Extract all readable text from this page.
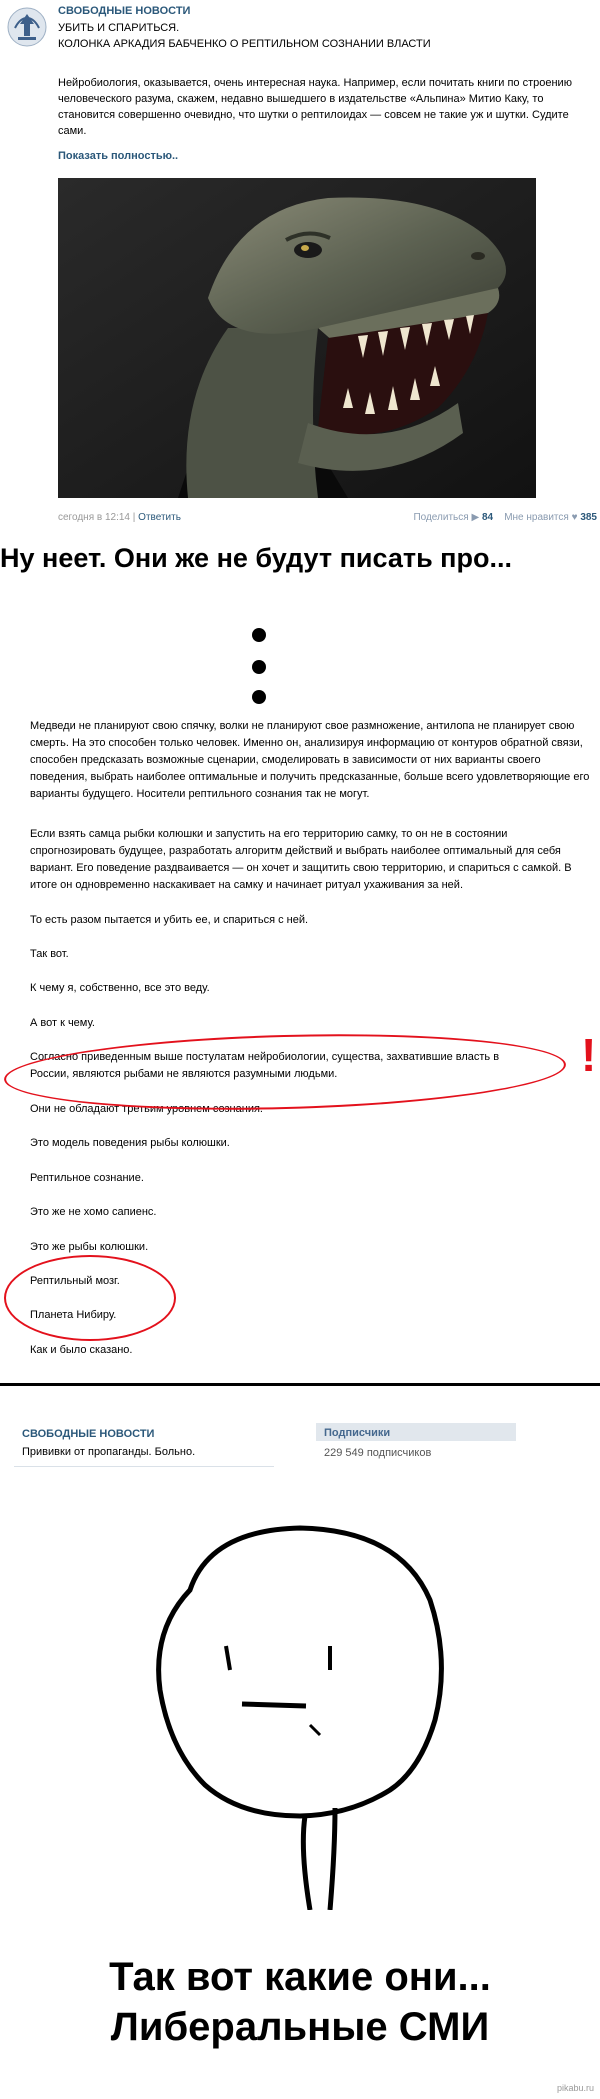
СВОБОДНЫЕ НОВОСТИ
УБИТЬ И СПАРИТЬСЯ.
КОЛОНКА АРКАДИЯ БАБЧЕНКО О РЕПТИЛЬНОМ СОЗНАНИИ ВЛАСТИ
Нейробиология, оказывается, очень интересная наука. Например, если почитать книги по строению человеческого разума, скажем, недавно вышедшего в издательстве «Альпина» Митио Каку, то становится совершенно очевидно, что шутки о рептилоидах — совсем не такие уж и шутки. Судите сами.
Показать полностью..
сегодня в 12:14 | Ответить	Поделиться ▶ 84 Мне нравится ♥ 385
Ну неет. Они же не будут писать про...
Медведи не планируют свою спячку, волки не планируют свое размножение, антилопа не планирует свою смерть. На это способен только человек. Именно он, анализируя информацию от контуров обратной связи, способен предсказать возможные сценарии, смоделировать в зависимости от них варианты своего поведения, выбрать наиболее оптимальные и получить предсказанные, больше всего удовлетворяющие его варианты будущего. Носители рептильного сознания так не могут.
Если взять самца рыбки колюшки и запустить на его территорию самку, то он не в состоянии спрогнозировать будущее, разработать алгоритм действий и выбрать наиболее оптимальный для себя вариант. Его поведение раздваивается — он хочет и защитить свою территорию, и спариться с самкой. В итоге он одновременно наскакивает на самку и начинает ритуал ухаживания за ней.
То есть разом пытается и убить ее, и спариться с ней.
Так вот.
К чему я, собственно, все это веду.
А вот к чему.
Согласно приведенным выше постулатам нейробиологии, существа, захватившие власть в России, являются рыбами не являются разумными людьми.
Они не обладают третьим уровнем сознания.
Это модель поведения рыбы колюшки.
Рептильное сознание.
Это же не хомо сапиенс.
Это же рыбы колюшки.
Рептильный мозг.
Планета Нибиру.
Как и было сказано.
!
СВОБОДНЫЕ НОВОСТИ
Прививки от пропаганды. Больно.
Подписчики
229 549 подписчиков
Так вот какие они...
Либеральные СМИ
pikabu.ru
